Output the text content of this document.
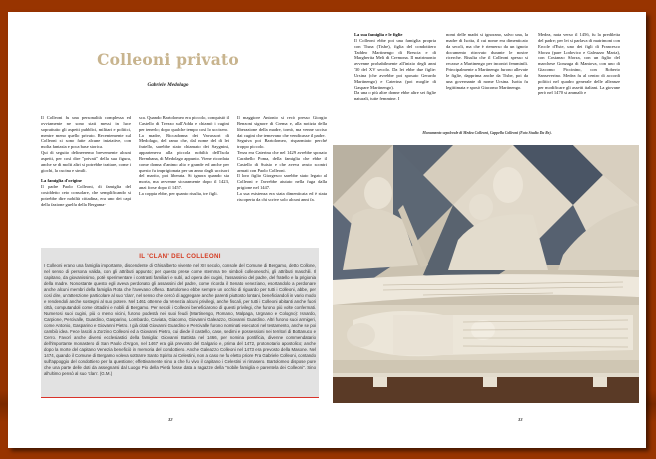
Colleoni privato
Gabriele Medolago

Il Colleoni fu una personalità complessa ed ovviamente ne sono stati messi in luce soprattutto gli aspetti pubblici, militari e politici, mentre meno quello privato. Recentemente sul Colleoni si sono fatte alcune iniziative, con molta fantasia e poca base storica.

Qui di seguito delineeremo brevemente alcuni aspetti, per così dire "privati" della sua figura, anche se di molti altri si potrebbe trattare, come i giochi, la cucina e simili.

La famiglia d'origine

Il padre Paolo Colleoni, di famiglia del cosiddetto ceto consolare, che semplificando si potrebbe dire nobiltà cittadina, era uno dei capi della fazione guelfa della Bergama-

sca. Quando Bartolomeo era piccolo, conquistò il Castello di Trezzo sull'Adda e chiamò i cugini per tenerlo; dopo qualche tempo così lo uccisero.

La madre, Riccadonna dei Vavassori di Medolago, del ramo che, dal nome del di lei fratello, sarebbe stato chiamato dei Saygnini, apparteneva alla piccola nobiltà dell'Isola Brembana, di Medolago appunto. Viene ricordata come donna d'animo alto e grande ed anche per questo fu imprigionata per un anno dagli uccisori del marito, poi liberata. Si ignora quando sia morta, ma avvenne sicuramente dopo il 1423, anzi forse dopo il 1457.

La coppia ebbe, per quanto risulta, tre figli.

Il maggiore Antonio si recò presso Giorgio Benzoni signore di Crema e, alla notizia della liberazione della madre, tornò, ma venne ucciso dai cugini che temevano che vendicasse il padre.

Seguiva poi Bartolomeo, risparmiato perché troppo piccolo.

Terza era Caterina che nel 1429 avrebbe sposato Carabello Poma, della famiglia che ebbe il Castello di Suisio e che aveva avuto scontri armati con Paolo Colleoni.

Il loro figlio Giorgesco sarebbe stato legato al Colleoni e l'avrebbe aiutato nella fuga dalla prigione nel 1447.

La sua esistenza era stata dimenticata ed è stata riscoperta da chi scrive solo alcuni anni fa.

IL 'CLAN' DEL COLLEONI
I Colleoni erano una famiglia importante, discendente di Ghisalberto vivente nel XII secolo, console del Comune di Bergamo, detto Collone, nel senso di persona valida, con gli attributi appunto; per questo prese come stemma tre simboli colleoneschi, gli attributi maschili. Il capitano, da giovanissimo, potè sperimentare i contrasti familiari e subì, ad opera dei cugini, l'assassinio del padre, del fratello e la prigionia della madre. Nonostante questo egli aveva perdonato gli assassini del padre, come ricorda il Senato veneziano, esortandolo a perdonare anche alcuni membri della famiglia Rota che l'avevano offeso. Bartolomeo ebbe sempre un occhio di riguardo per tutti i Colleoni, abbe, per così dire, un'attenzione particolare al suo 'clan', nel senso che cercò di aggregare anche parenti piuttosto lontani, beneficiandoli in vario modo e rendendoli anche sostegni al suo potere. Nel 1461 ottenne da Venezia alcuni privilegi, anche fiscali, per tutti i Colleoni abitanti anche fuori città, computandoli come cittadini e nobili di Bergamo. Per secoli i Colleoni beneficiarono di questi privilegi, che furono più volte confermati. Numerosi suoi cugini, più o meno vicini, furono podestà nei suoi feudi (Martinengo, Romano, Malpaga, Urgnano e Cologno): Isnardo, Carpione, Percivalle, Guardino, Gasparino, Lombardo, Caviata, Giacomo, Giovanni Galeazzo, Giovanni Guardino. Altri furono suoi armigeri, come Antonio, Gasparino e Giovanni Pietro. I già citati Giovanni Guardino e Percivalle furono nominati esecutori nel testamento, anche se poi cambiò idea. Fece lasciti a Zorzino Colleoni ed a Giovanni Pietro, cui diede il castello, case, sedimi e possessioni nei territori di Bottanuco e Cerro. Favorì anche diversi ecclesiastici della famiglia: Giovanni Battista nel 1466, per nomina pontificia, divenne commendatario dell'importante monastero di San Paolo d'Argon, nel 1467 era già prevosto del Galgario e, prima del 1472, protonotario apostolico; anche dopo la morte del capitano Venezia beneficiò in memoria del condottiero. Anche Galeazzo Colleoni nel 1473 era prevosto della Masone. Nel 1474, quando il Comune di Bergamo voleva sottrarre Santo Spirito ai Celestini, non a caso ne fu eletto priore Fra Gabriele Colleoni, contando sull'appoggio del condottiero per la questione; effettivamente sino a che fu vivo il capitano i Celestini vi rimasero. Bartolomeo dispose pure che una parte delle doti da assegnarsi dal Luogo Pio della Pietà fosse data a ragazze della "nobile famiglia e parentela dei Colleoni". Sino all'ultimo pensò al suo 'clan'. (G.M.)
32

La sua famiglia e le figlie

Il Colleoni ebbe poi una famiglia propria con Tisna (Tisbe), figlia del condottiero Taddeo Martinengo di Brescia e di Margherita Meli di Cremona. Il matrimonio avvenne probabilmente all'inizio degli anni '30 del XV secolo. Da lei ebbe due figlie: Ursina (che avrebbe poi sposato Gerardo Martinengo) e Caterina (poi moglie di Gaspare Martinengo).

Da una o più altre donne ebbe altre sei figlie naturali, tutte femmine. I

nomi delle madri si ignorano, salvo una, la madre di Isotta, il cui nome era dimenticato da secoli, ma che è riemerso da un ignoto documento ritrovato durante le nostre ricerche. Risulta che il Colleoni spesso si recasse a Martinengo per incontri femminili. Principalmente a Martinengo furono allevate le figlie, dapprima anche da Tisbe, poi da una governante di nome Ursina. Isotta fu legittimata e sposò Giacomo Martinengo.

Medea, nata verso il 1456, fu la prediletta del padre; per lei si parlava di matrimoni con Ercole d'Este, uno dei figli di Francesco Sforza (pare Lodovico e Galeazzo Maria), con Costanzo Sforza, con un figlio del marchese Gonzaga di Mantova, con uno di Giacomo Piccinino, con Roberto Sanseverino. Medea fu al centro di accordi politici nel quadro generale delle alleanze per modificare gli assetti italiani. La giovane però nel 1470 si ammalò e

Monumento sepolcrale di Medea Colleoni, Cappella Colleoni (Foto Studio Da Re).
33
